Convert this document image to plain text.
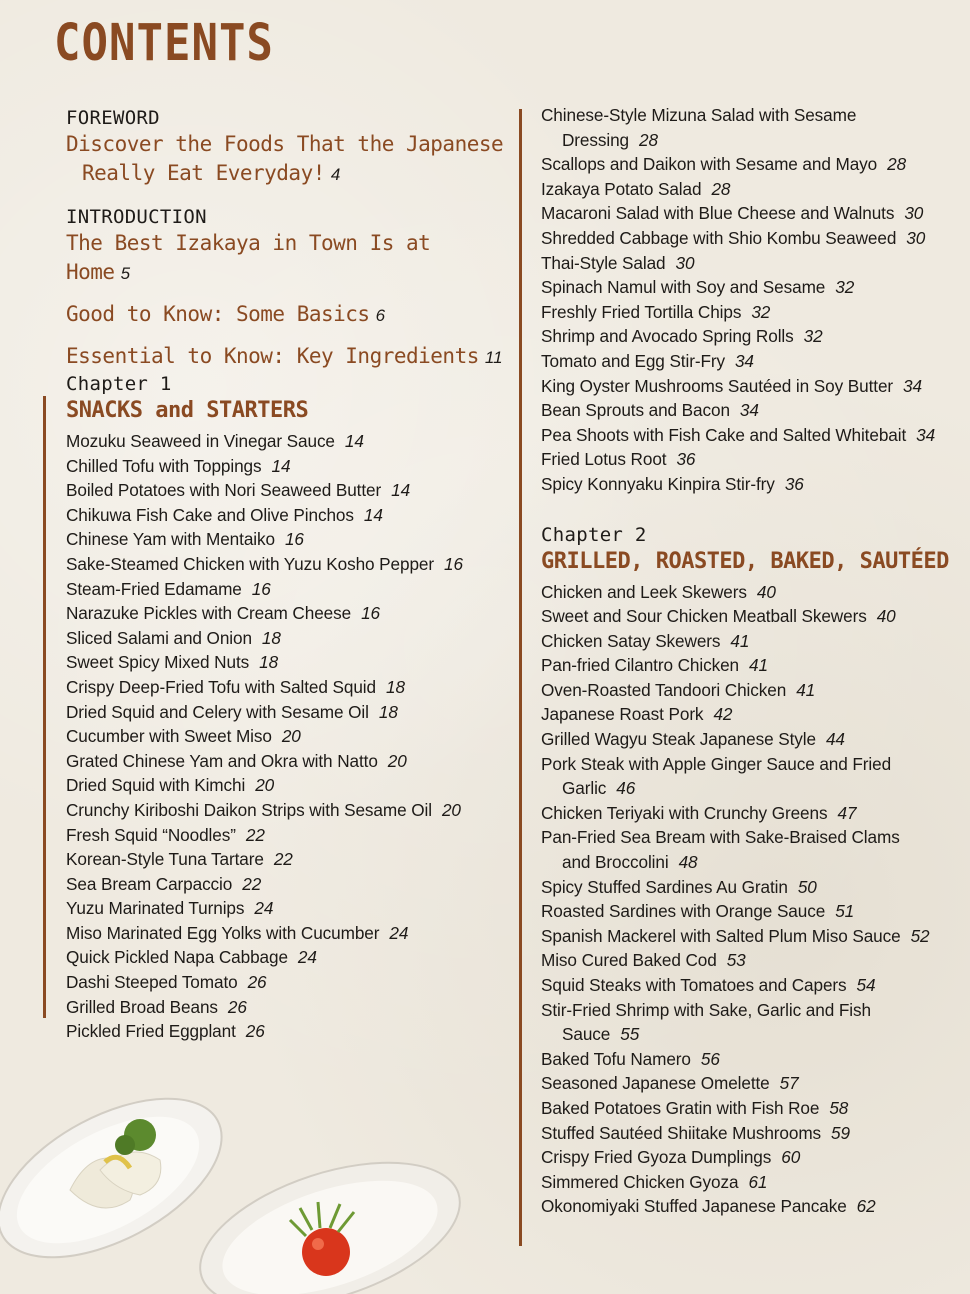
CONTENTS
FOREWORD
Discover the Foods That the Japanese
Really Eat Everyday! 4
INTRODUCTION
The Best Izakaya in Town Is at Home 5
Good to Know: Some Basics 6
Essential to Know: Key Ingredients 11
Chapter 1
SNACKS and STARTERS
Mozuku Seaweed in Vinegar Sauce 14
Chilled Tofu with Toppings 14
Boiled Potatoes with Nori Seaweed Butter 14
Chikuwa Fish Cake and Olive Pinchos 14
Chinese Yam with Mentaiko 16
Sake-Steamed Chicken with Yuzu Kosho Pepper 16
Steam-Fried Edamame 16
Narazuke Pickles with Cream Cheese 16
Sliced Salami and Onion 18
Sweet Spicy Mixed Nuts 18
Crispy Deep-Fried Tofu with Salted Squid 18
Dried Squid and Celery with Sesame Oil 18
Cucumber with Sweet Miso 20
Grated Chinese Yam and Okra with Natto 20
Dried Squid with Kimchi 20
Crunchy Kiriboshi Daikon Strips with Sesame Oil 20
Fresh Squid “Noodles” 22
Korean-Style Tuna Tartare 22
Sea Bream Carpaccio 22
Yuzu Marinated Turnips 24
Miso Marinated Egg Yolks with Cucumber 24
Quick Pickled Napa Cabbage 24
Dashi Steeped Tomato 26
Grilled Broad Beans 26
Pickled Fried Eggplant 26
Chinese-Style Mizuna Salad with Sesame
Dressing 28
Scallops and Daikon with Sesame and Mayo 28
Izakaya Potato Salad 28
Macaroni Salad with Blue Cheese and Walnuts 30
Shredded Cabbage with Shio Kombu Seaweed 30
Thai-Style Salad 30
Spinach Namul with Soy and Sesame 32
Freshly Fried Tortilla Chips 32
Shrimp and Avocado Spring Rolls 32
Tomato and Egg Stir-Fry 34
King Oyster Mushrooms Sautéed in Soy Butter 34
Bean Sprouts and Bacon 34
Pea Shoots with Fish Cake and Salted Whitebait 34
Fried Lotus Root 36
Spicy Konnyaku Kinpira Stir-fry 36
Chapter 2
GRILLED, ROASTED, BAKED, SAUTÉED
Chicken and Leek Skewers 40
Sweet and Sour Chicken Meatball Skewers 40
Chicken Satay Skewers 41
Pan-fried Cilantro Chicken 41
Oven-Roasted Tandoori Chicken 41
Japanese Roast Pork 42
Grilled Wagyu Steak Japanese Style 44
Pork Steak with Apple Ginger Sauce and Fried
Garlic 46
Chicken Teriyaki with Crunchy Greens 47
Pan-Fried Sea Bream with Sake-Braised Clams
and Broccolini 48
Spicy Stuffed Sardines Au Gratin 50
Roasted Sardines with Orange Sauce 51
Spanish Mackerel with Salted Plum Miso Sauce 52
Miso Cured Baked Cod 53
Squid Steaks with Tomatoes and Capers 54
Stir-Fried Shrimp with Sake, Garlic and Fish
Sauce 55
Baked Tofu Namero 56
Seasoned Japanese Omelette 57
Baked Potatoes Gratin with Fish Roe 58
Stuffed Sautéed Shiitake Mushrooms 59
Crispy Fried Gyoza Dumplings 60
Simmered Chicken Gyoza 61
Okonomiyaki Stuffed Japanese Pancake 62
